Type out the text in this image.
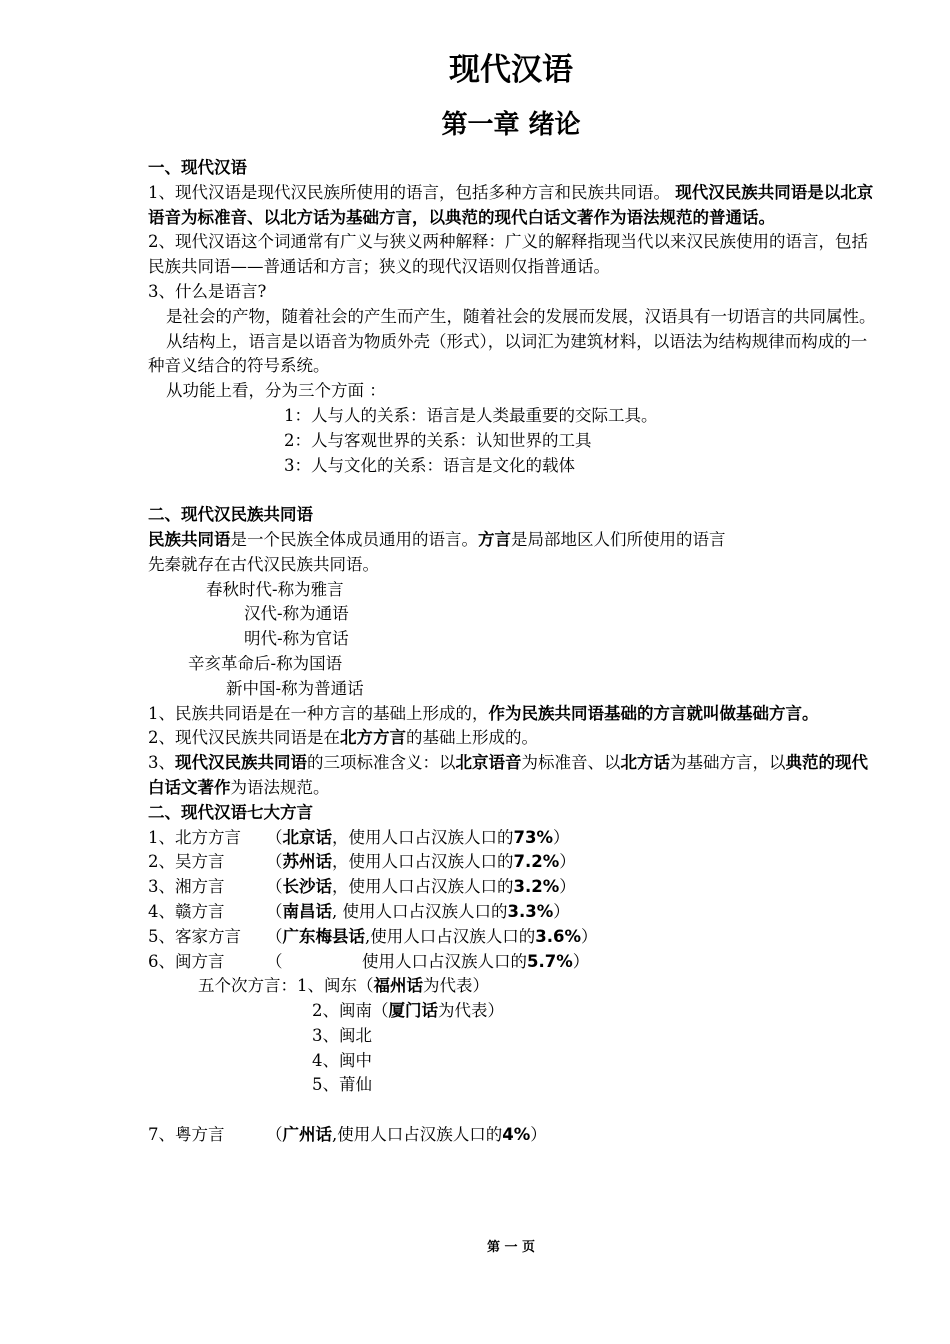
现代汉语
第一章 绪论
一、现代汉语
1、现代汉语是现代汉民族所使用的语言，包括多种方言和民族共同语。 现代汉民族共同语是以北京语音为标准音、以北方话为基础方言，以典范的现代白话文著作为语法规范的普通话。
2、现代汉语这个词通常有广义与狭义两种解释：广义的解释指现当代以来汉民族使用的语言，包括民族共同语——普通话和方言；狭义的现代汉语则仅指普通话。
3、什么是语言?
是社会的产物，随着社会的产生而产生，随着社会的发展而发展，汉语具有一切语言的共同属性。
从结构上，语言是以语音为物质外壳（形式），以词汇为建筑材料，以语法为结构规律而构成的一种音义结合的符号系统。
从功能上看，分为三个方面 ：
1：人与人的关系：语言是人类最重要的交际工具。
2：人与客观世界的关系：认知世界的工具
3：人与文化的关系：语言是文化的载体
二、现代汉民族共同语
民族共同语是一个民族全体成员通用的语言。方言是局部地区人们所使用的语言
先秦就存在古代汉民族共同语。
春秋时代-称为雅言
汉代-称为通语
明代-称为官话
辛亥革命后-称为国语
新中国-称为普通话
1、民族共同语是在一种方言的基础上形成的，作为民族共同语基础的方言就叫做基础方言。
2、现代汉民族共同语是在北方方言的基础上形成的。
3、现代汉民族共同语的三项标准含义：以北京语音为标准音、以北方话为基础方言，以典范的现代白话文著作为语法规范。
二、现代汉语七大方言
1、北方方言 （北京话，使用人口占汉族人口的73%）
2、吴方言	（苏州话，使用人口占汉族人口的7.2%）
3、湘方言	（长沙话，使用人口占汉族人口的3.2%）
4、赣方言	（南昌话, 使用人口占汉族人口的3.3%）
5、客家方言 （广东梅县话,使用人口占汉族人口的3.6%）
6、闽方言	（	使用人口占汉族人口的5.7%）
五个次方言：1、闽东（福州话为代表）
2、闽南（厦门话为代表）
3、闽北
4、闽中
5、莆仙
7、粤方言	（广州话,使用人口占汉族人口的4%）
第 一 页
